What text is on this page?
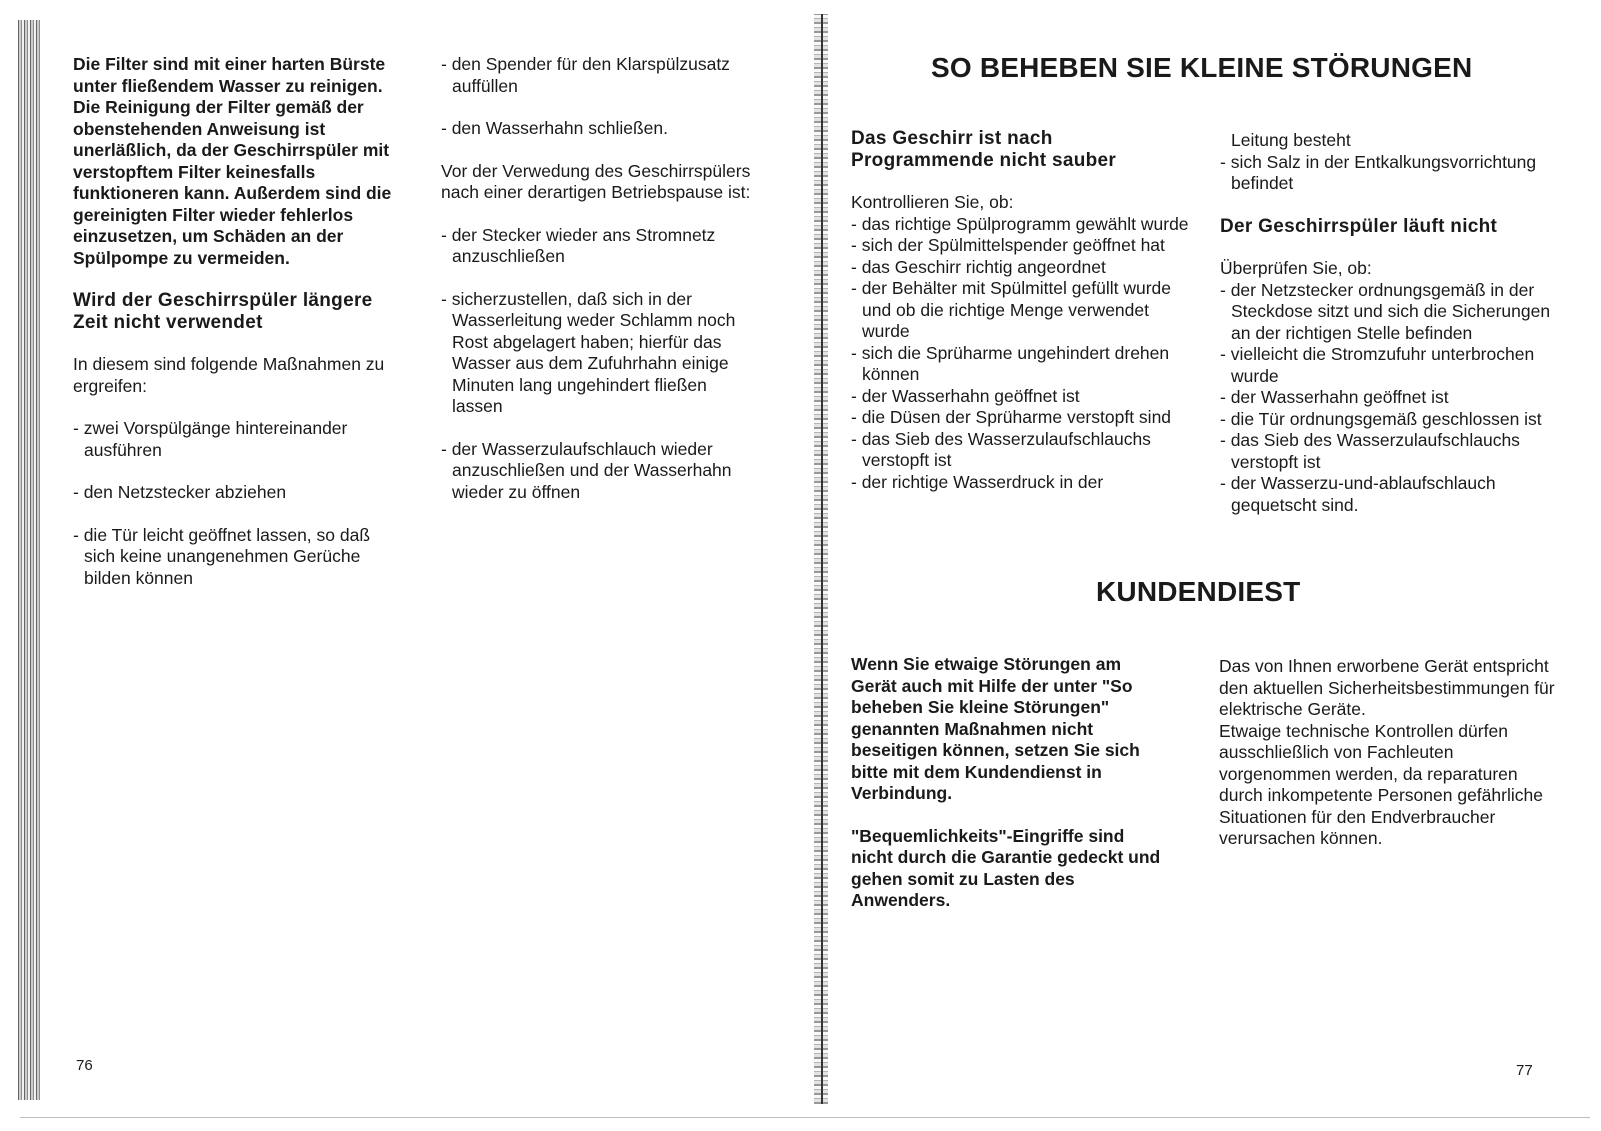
Die Filter sind mit einer harten Bürste unter fließendem Wasser zu reinigen. Die Reinigung der Filter gemäß der obenstehenden Anweisung ist unerläßlich, da der Geschirrspüler mit verstopftem Filter keinesfalls funktioneren kann. Außerdem sind die gereinigten Filter wieder fehlerlos einzusetzen, um Schäden an der Spülpompe zu vermeiden.

Wird der Geschirrspüler längere Zeit nicht verwendet

In diesem sind folgende Maßnahmen zu ergreifen:

- zwei Vorspülgänge hintereinander ausführen
- den Netzstecker abziehen
- die Tür leicht geöffnet lassen, so daß sich keine unangenehmen Gerüche bilden können
- den Spender für den Klarspülzusatz auffüllen
- den Wasserhahn schließen.

Vor der Verwedung des Geschirrspülers nach einer derartigen Betriebspause ist:

- der Stecker wieder ans Stromnetz anzuschließen
- sicherzustellen, daß sich in der Wasserleitung weder Schlamm noch Rost abgelagert haben; hierfür das Wasser aus dem Zufuhrhahn einige Minuten lang ungehindert fließen lassen
- der Wasserzulaufschlauch wieder anzuschließen und der Wasserhahn wieder zu öffnen
76
SO BEHEBEN SIE KLEINE STÖRUNGEN

Das Geschirr ist nach Programmende nicht sauber

Kontrollieren Sie, ob:

- das richtige Spülprogramm gewählt wurde
- sich der Spülmittelspender geöffnet hat
- das Geschirr richtig angeordnet
- der Behälter mit Spülmittel gefüllt wurde und ob die richtige Menge verwendet wurde
- sich die Sprüharme ungehindert drehen können
- der Wasserhahn geöffnet ist
- die Düsen der Sprüharme verstopft sind
- das Sieb des Wasserzulaufschlauchs verstopft ist
- der richtige Wasserdruck in der

Leitung besteht

- sich Salz in der Entkalkungsvorrichtung befindet

Der Geschirrspüler läuft nicht

Überprüfen Sie, ob:

- der Netzstecker ordnungsgemäß in der Steckdose sitzt und sich die Sicherungen an der richtigen Stelle befinden
- vielleicht die Stromzufuhr unterbrochen wurde
- der Wasserhahn geöffnet ist
- die Tür ordnungsgemäß geschlossen ist
- das Sieb des Wasserzulaufschlauchs verstopft ist
- der Wasserzu-und-ablaufschlauch gequetscht sind.
KUNDENDIEST

Wenn Sie etwaige Störungen am Gerät auch mit Hilfe der unter "So beheben Sie kleine Störungen" genannten Maßnahmen nicht beseitigen können, setzen Sie sich bitte mit dem Kundendienst in Verbindung.

"Bequemlichkeits"-Eingriffe sind nicht durch die Garantie gedeckt und gehen somit zu Lasten des Anwenders.

Das von Ihnen erworbene Gerät entspricht den aktuellen Sicherheitsbestimmungen für elektrische Geräte.

Etwaige technische Kontrollen dürfen ausschließlich von Fachleuten vorgenommen werden, da reparaturen durch inkompetente Personen gefährliche Situationen für den Endverbraucher verursachen können.

77
